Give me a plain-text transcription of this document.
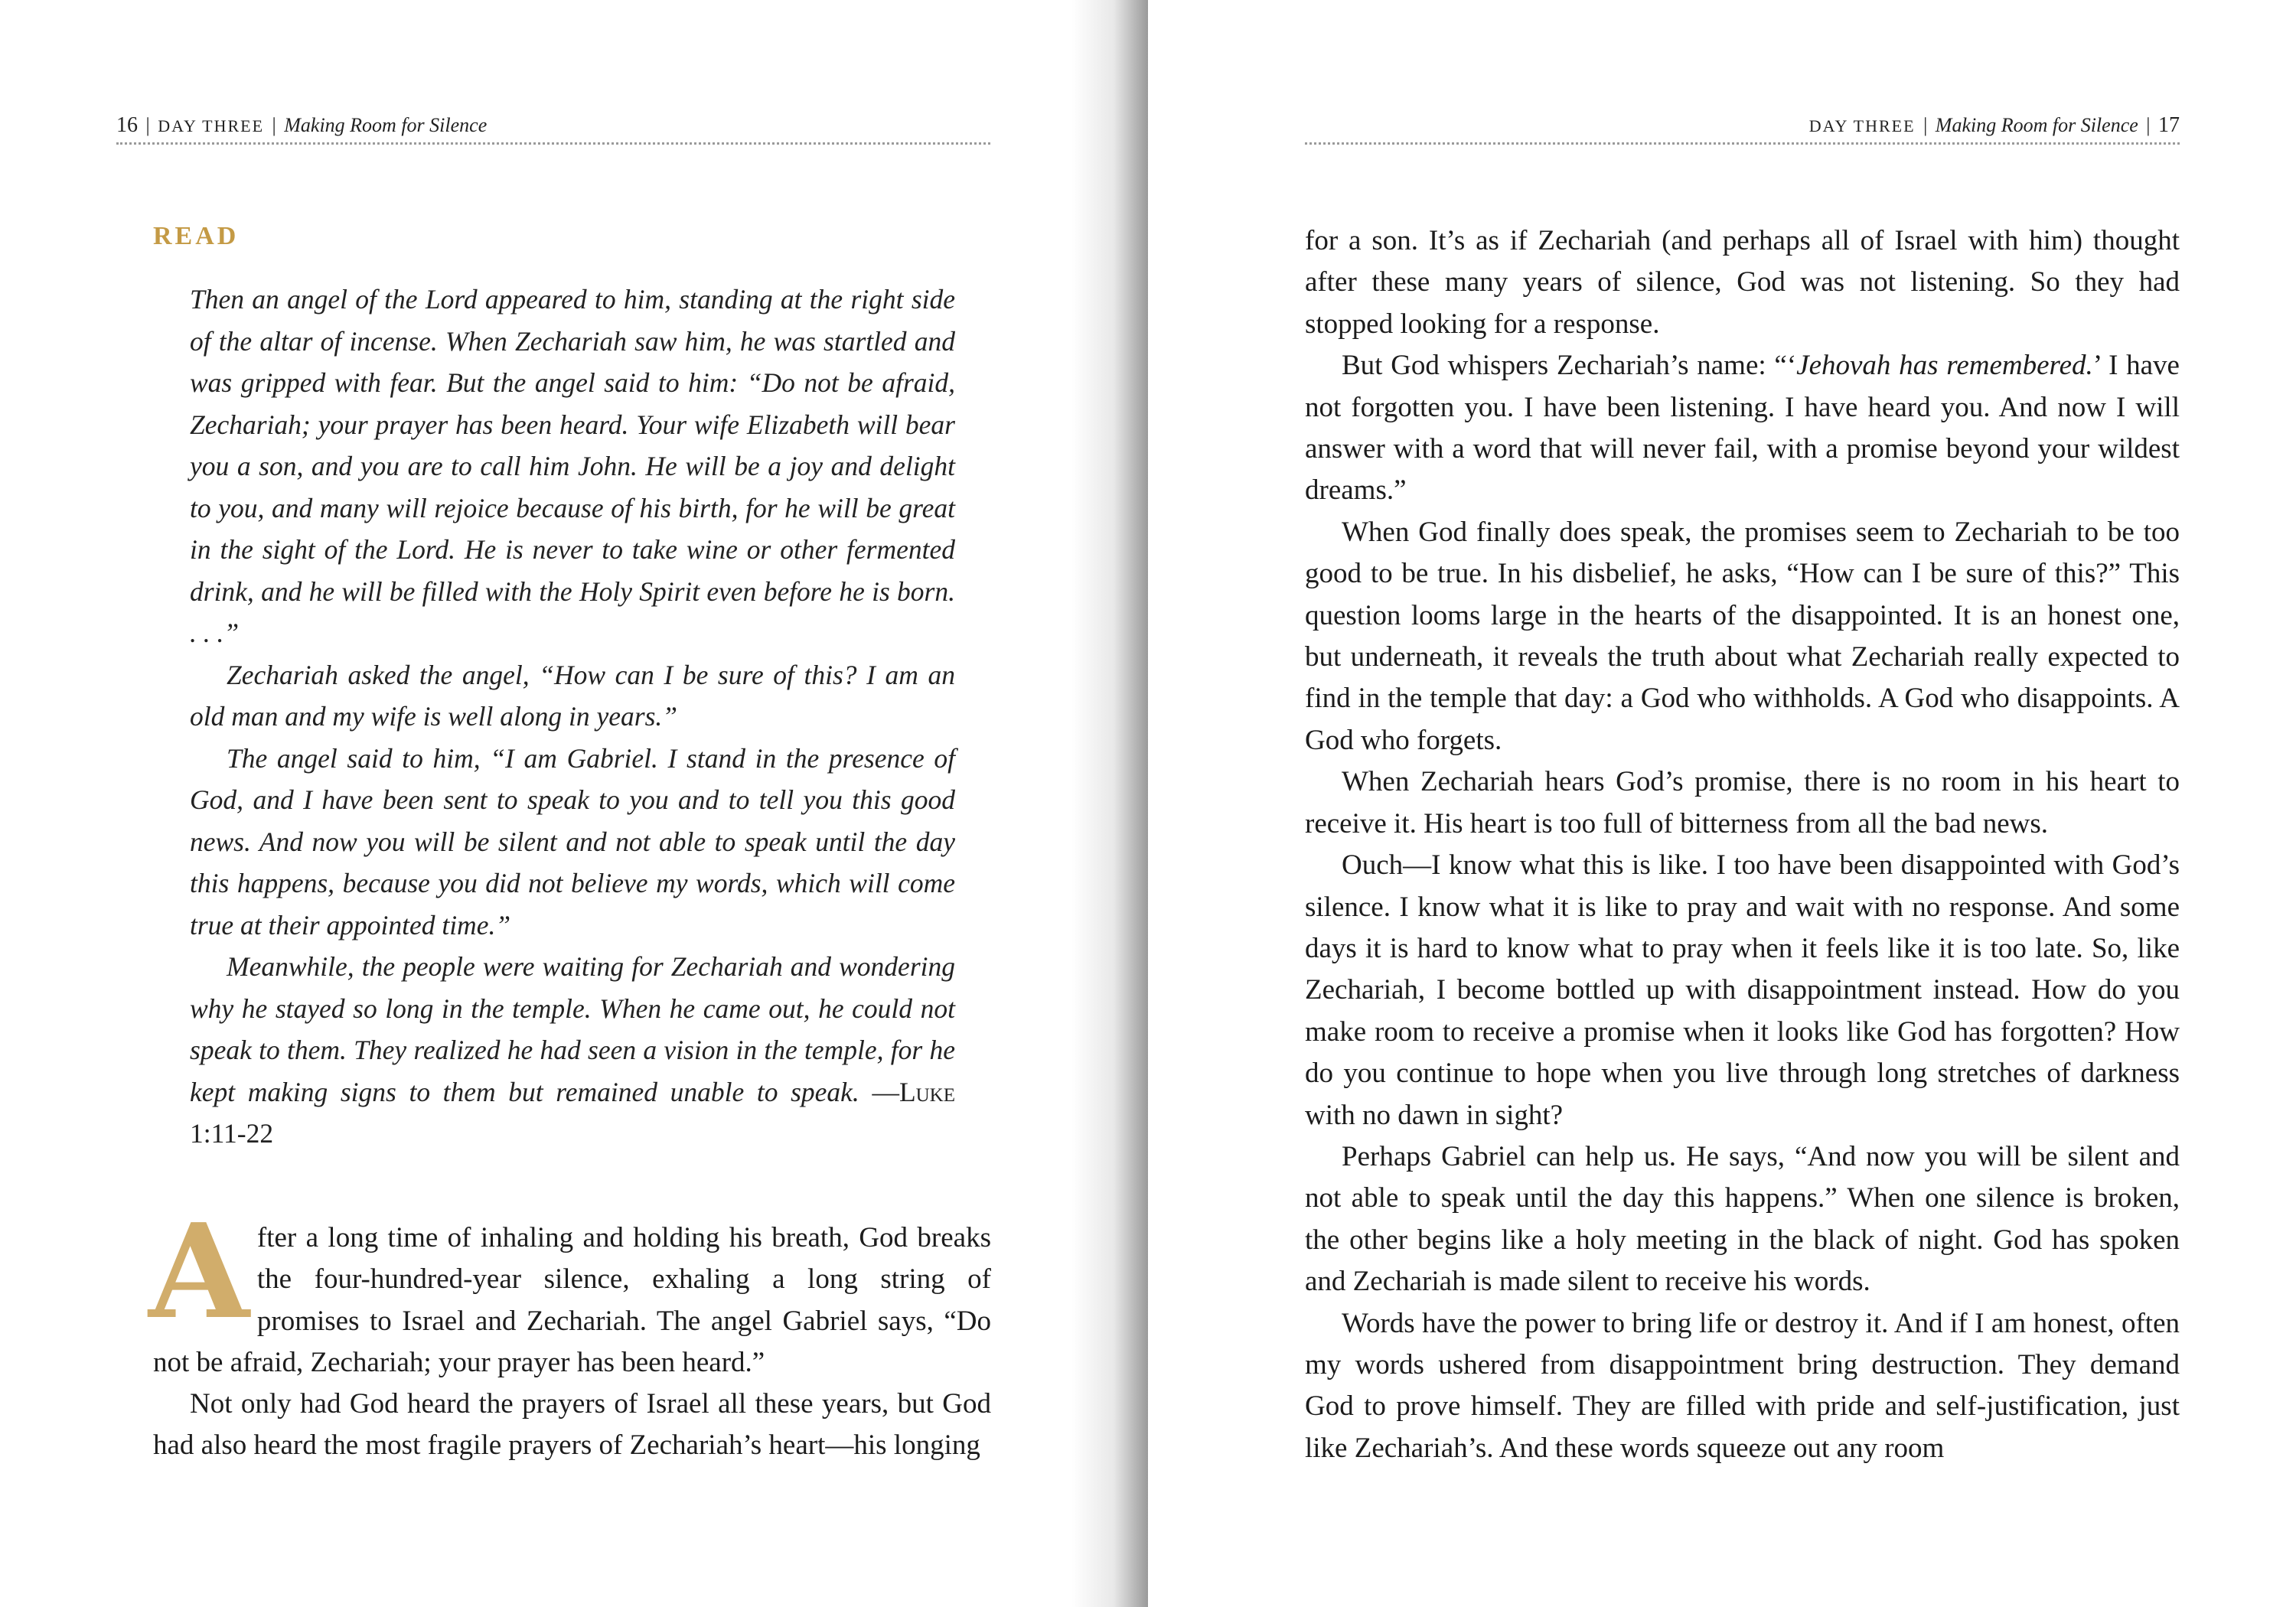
16 | DAY THREE | Making Room for Silence
READ

Then an angel of the Lord appeared to him, standing at the right side of the altar of incense. When Zechariah saw him, he was startled and was gripped with fear. But the angel said to him: “Do not be afraid, Zechariah; your prayer has been heard. Your wife Elizabeth will bear you a son, and you are to call him John. He will be a joy and delight to you, and many will rejoice because of his birth, for he will be great in the sight of the Lord. He is never to take wine or other fermented drink, and he will be filled with the Holy Spirit even before he is born. . . .”

Zechariah asked the angel, “How can I be sure of this? I am an old man and my wife is well along in years.”

The angel said to him, “I am Gabriel. I stand in the presence of God, and I have been sent to speak to you and to tell you this good news. And now you will be silent and not able to speak until the day this happens, because you did not believe my words, which will come true at their appointed time.”

Meanwhile, the people were waiting for Zechariah and wondering why he stayed so long in the temple. When he came out, he could not speak to them. They realized he had seen a vision in the temple, for he kept making signs to them but remained unable to speak. —Luke 1:11-22

After a long time of inhaling and holding his breath, God breaks the four-hundred-year silence, exhaling a long string of promises to Israel and Zechariah. The angel Gabriel says, “Do not be afraid, Zechariah; your prayer has been heard.”

Not only had God heard the prayers of Israel all these years, but God had also heard the most fragile prayers of Zechariah’s heart—his longing

DAY THREE | Making Room for Silence | 17

for a son. It’s as if Zechariah (and perhaps all of Israel with him) thought after these many years of silence, God was not listening. So they had stopped looking for a response.

But God whispers Zechariah’s name: “‘Jehovah has remembered.’ I have not forgotten you. I have been listening. I have heard you. And now I will answer with a word that will never fail, with a promise beyond your wildest dreams.”

When God finally does speak, the promises seem to Zechariah to be too good to be true. In his disbelief, he asks, “How can I be sure of this?” This question looms large in the hearts of the disappointed. It is an honest one, but underneath, it reveals the truth about what Zechariah really expected to find in the temple that day: a God who withholds. A God who disappoints. A God who forgets.

When Zechariah hears God’s promise, there is no room in his heart to receive it. His heart is too full of bitterness from all the bad news.

Ouch—I know what this is like. I too have been disappointed with God’s silence. I know what it is like to pray and wait with no response. And some days it is hard to know what to pray when it feels like it is too late. So, like Zechariah, I become bottled up with disappointment instead. How do you make room to receive a promise when it looks like God has forgotten? How do you continue to hope when you live through long stretches of darkness with no dawn in sight?

Perhaps Gabriel can help us. He says, “And now you will be silent and not able to speak until the day this happens.” When one silence is broken, the other begins like a holy meeting in the black of night. God has spoken and Zechariah is made silent to receive his words.

Words have the power to bring life or destroy it. And if I am honest, often my words ushered from disappointment bring destruction. They demand God to prove himself. They are filled with pride and self-justification, just like Zechariah’s. And these words squeeze out any room
